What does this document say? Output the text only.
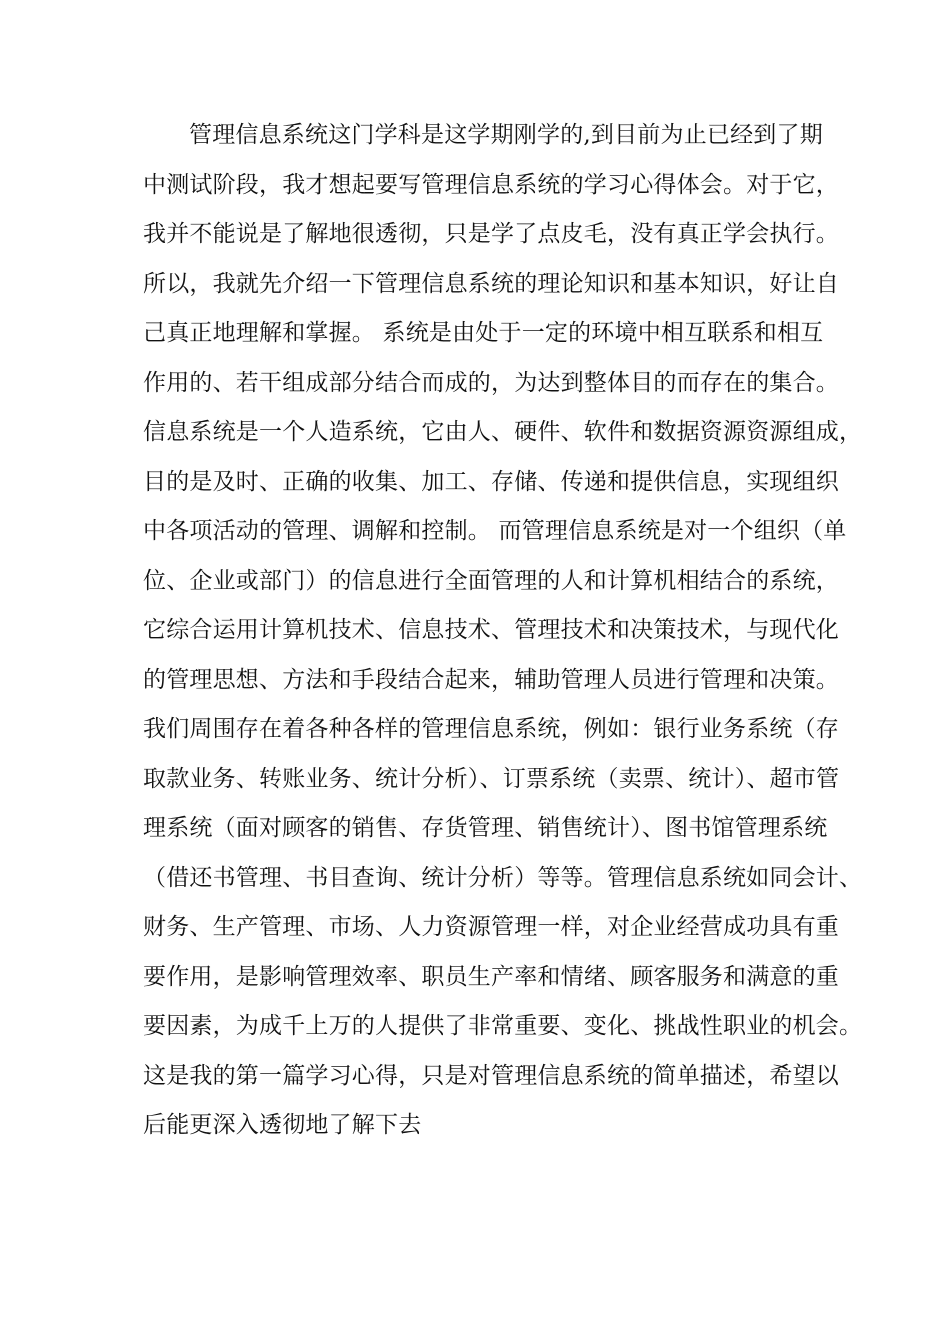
管理信息系统这门学科是这学期刚学的,到目前为止已经到了期
中测试阶段，我才想起要写管理信息系统的学习心得体会。对于它，
我并不能说是了解地很透彻，只是学了点皮毛，没有真正学会执行。
所以，我就先介绍一下管理信息系统的理论知识和基本知识，好让自
己真正地理解和掌握。 系统是由处于一定的环境中相互联系和相互
作用的、若干组成部分结合而成的，为达到整体目的而存在的集合。
信息系统是一个人造系统，它由人、硬件、软件和数据资源资源组成，
目的是及时、正确的收集、加工、存储、传递和提供信息，实现组织
中各项活动的管理、调解和控制。 而管理信息系统是对一个组织（单
位、企业或部门）的信息进行全面管理的人和计算机相结合的系统，
它综合运用计算机技术、信息技术、管理技术和决策技术，与现代化
的管理思想、方法和手段结合起来，辅助管理人员进行管理和决策。
我们周围存在着各种各样的管理信息系统，例如：银行业务系统（存
取款业务、转账业务、统计分析）、订票系统（卖票、统计）、超市管
理系统（面对顾客的销售、存货管理、销售统计）、图书馆管理系统
（借还书管理、书目查询、统计分析）等等。管理信息系统如同会计、
财务、生产管理、市场、人力资源管理一样，对企业经营成功具有重
要作用，是影响管理效率、职员生产率和情绪、顾客服务和满意的重
要因素，为成千上万的人提供了非常重要、变化、挑战性职业的机会。
这是我的第一篇学习心得，只是对管理信息系统的简单描述，希望以
后能更深入透彻地了解下去
